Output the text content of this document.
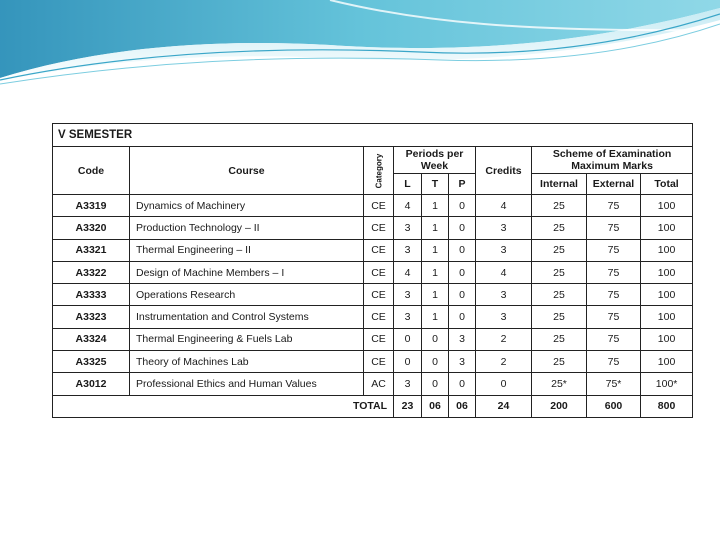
V SEMESTER									
Code	Course	Category	Periods per Week			Credits	Scheme of Examination Maximum Marks		
			L	T	P		Internal	External	Total
A3319	Dynamics of Machinery	CE	4	1	0	4	25	75	100
A3320	Production Technology – II	CE	3	1	0	3	25	75	100
A3321	Thermal Engineering – II	CE	3	1	0	3	25	75	100
A3322	Design of Machine Members – I	CE	4	1	0	4	25	75	100
A3333	Operations Research	CE	3	1	0	3	25	75	100
A3323	Instrumentation and Control Systems	CE	3	1	0	3	25	75	100
A3324	Thermal Engineering & Fuels Lab	CE	0	0	3	2	25	75	100
A3325	Theory of Machines Lab	CE	0	0	3	2	25	75	100
A3012	Professional Ethics and Human Values	AC	3	0	0	0	25*	75*	100*
TOTAL			23	06	06	24	200	600	800
